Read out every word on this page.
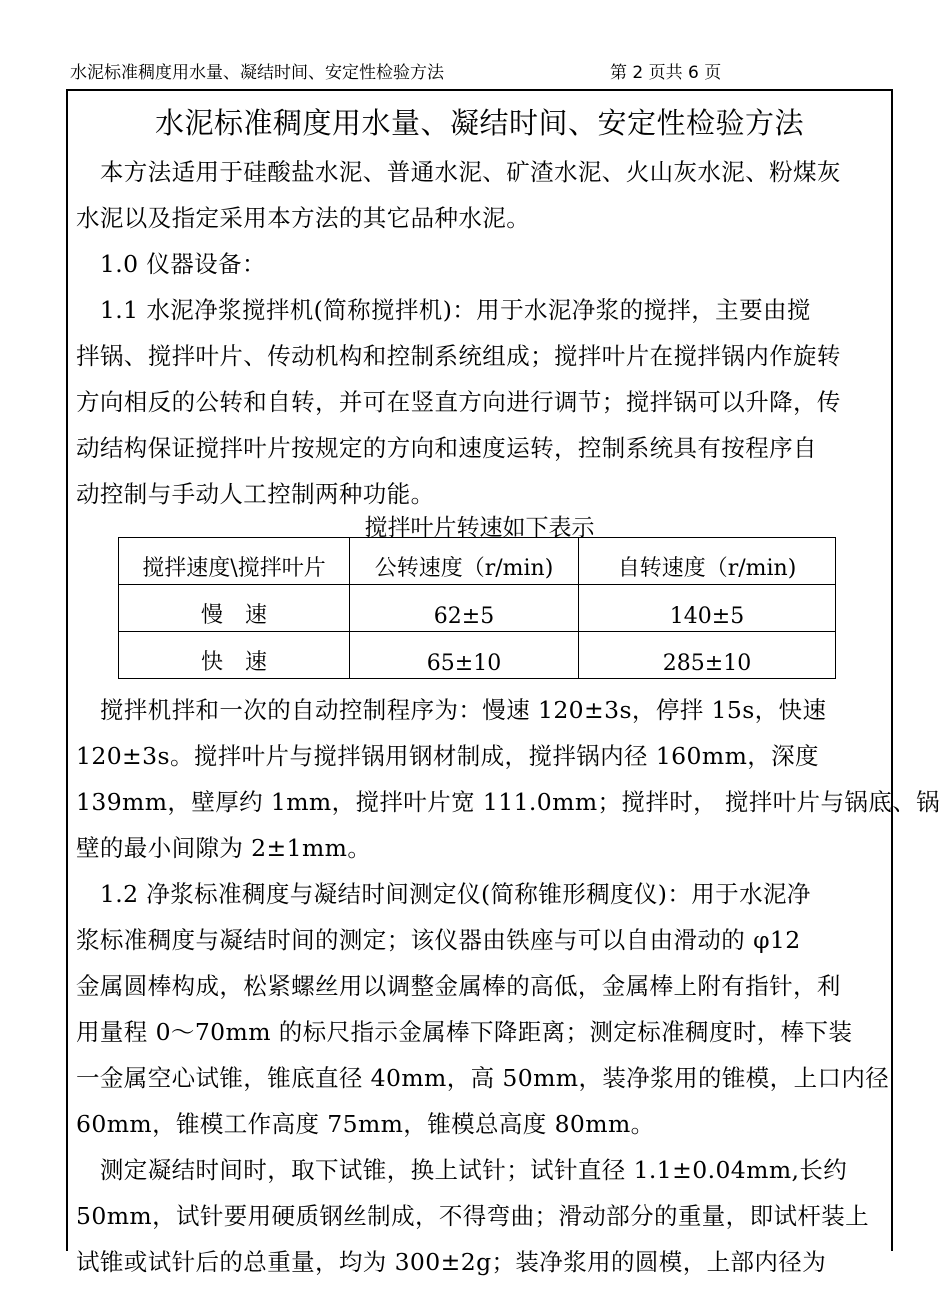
水泥标准稠度用水量、凝结时间、安定性检验方法	第 2 页共 6 页
水泥标准稠度用水量、凝结时间、安定性检验方法
　本方法适用于硅酸盐水泥、普通水泥、矿渣水泥、火山灰水泥、粉煤灰
水泥以及指定采用本方法的其它品种水泥。
　1.0 仪器设备：
　1.1 水泥净浆搅拌机(简称搅拌机)：用于水泥净浆的搅拌，主要由搅
拌锅、搅拌叶片、传动机构和控制系统组成；搅拌叶片在搅拌锅内作旋转
方向相反的公转和自转，并可在竖直方向进行调节；搅拌锅可以升降，传
动结构保证搅拌叶片按规定的方向和速度运转，控制系统具有按程序自
动控制与手动人工控制两种功能。
搅拌叶片转速如下表示
搅拌速度\搅拌叶片	公转速度（r/min)	自转速度（r/min)
慢　速	62±5	140±5
快　速	65±10	285±10
　搅拌机拌和一次的自动控制程序为：慢速 120±3s，停拌 15s，快速
120±3s。搅拌叶片与搅拌锅用钢材制成，搅拌锅内径 160mm，深度
139mm，壁厚约 1mm，搅拌叶片宽 111.0mm；搅拌时， 搅拌叶片与锅底、锅
壁的最小间隙为 2±1mm。
　1.2 净浆标准稠度与凝结时间测定仪(简称锥形稠度仪)：用于水泥净
浆标准稠度与凝结时间的测定；该仪器由铁座与可以自由滑动的 φ12
金属圆棒构成，松紧螺丝用以调整金属棒的高低，金属棒上附有指针，利
用量程 0～70mm 的标尺指示金属棒下降距离；测定标准稠度时，棒下装
一金属空心试锥，锥底直径 40mm，高 50mm，装净浆用的锥模，上口内径
60mm，锥模工作高度 75mm，锥模总高度 80mm。
　测定凝结时间时，取下试锥，换上试针；试针直径 1.1±0.04mm,长约
50mm，试针要用硬质钢丝制成，不得弯曲；滑动部分的重量，即试杆装上
试锥或试针后的总重量，均为 300±2g；装净浆用的圆模，上部内径为
